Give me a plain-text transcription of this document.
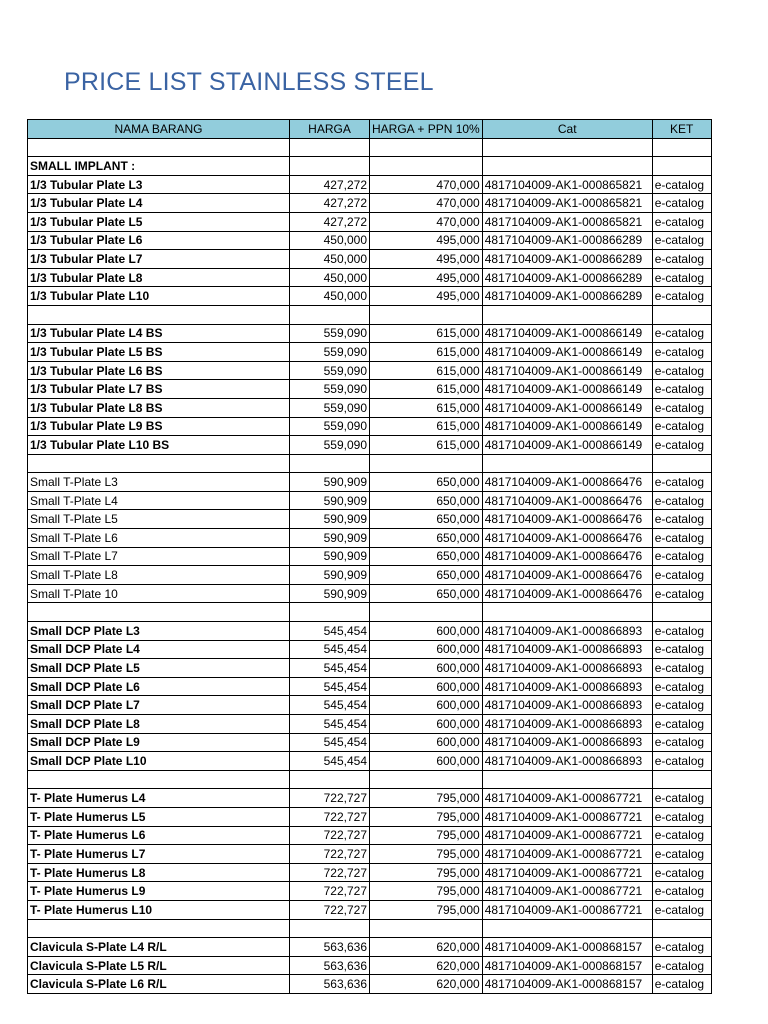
PRICE LIST STAINLESS STEEL
NAMA BARANG	HARGA	HARGA + PPN 10%	Cat	KET

SMALL IMPLANT :				
1/3 Tubular Plate L3	427,272	470,000	4817104009-AK1-000865821	e-catalog
1/3 Tubular Plate L4	427,272	470,000	4817104009-AK1-000865821	e-catalog
1/3 Tubular Plate L5	427,272	470,000	4817104009-AK1-000865821	e-catalog
1/3 Tubular Plate L6	450,000	495,000	4817104009-AK1-000866289	e-catalog
1/3 Tubular Plate L7	450,000	495,000	4817104009-AK1-000866289	e-catalog
1/3 Tubular Plate L8	450,000	495,000	4817104009-AK1-000866289	e-catalog
1/3 Tubular Plate L10	450,000	495,000	4817104009-AK1-000866289	e-catalog

1/3 Tubular Plate L4 BS	559,090	615,000	4817104009-AK1-000866149	e-catalog
1/3 Tubular Plate L5 BS	559,090	615,000	4817104009-AK1-000866149	e-catalog
1/3 Tubular Plate L6 BS	559,090	615,000	4817104009-AK1-000866149	e-catalog
1/3 Tubular Plate L7 BS	559,090	615,000	4817104009-AK1-000866149	e-catalog
1/3 Tubular Plate L8 BS	559,090	615,000	4817104009-AK1-000866149	e-catalog
1/3 Tubular Plate L9 BS	559,090	615,000	4817104009-AK1-000866149	e-catalog
1/3 Tubular Plate L10 BS	559,090	615,000	4817104009-AK1-000866149	e-catalog

Small T-Plate L3	590,909	650,000	4817104009-AK1-000866476	e-catalog
Small T-Plate L4	590,909	650,000	4817104009-AK1-000866476	e-catalog
Small T-Plate L5	590,909	650,000	4817104009-AK1-000866476	e-catalog
Small T-Plate L6	590,909	650,000	4817104009-AK1-000866476	e-catalog
Small T-Plate L7	590,909	650,000	4817104009-AK1-000866476	e-catalog
Small T-Plate L8	590,909	650,000	4817104009-AK1-000866476	e-catalog
Small T-Plate 10	590,909	650,000	4817104009-AK1-000866476	e-catalog

Small DCP Plate L3	545,454	600,000	4817104009-AK1-000866893	e-catalog
Small DCP Plate L4	545,454	600,000	4817104009-AK1-000866893	e-catalog
Small DCP Plate L5	545,454	600,000	4817104009-AK1-000866893	e-catalog
Small DCP Plate L6	545,454	600,000	4817104009-AK1-000866893	e-catalog
Small DCP Plate L7	545,454	600,000	4817104009-AK1-000866893	e-catalog
Small DCP Plate L8	545,454	600,000	4817104009-AK1-000866893	e-catalog
Small DCP Plate L9	545,454	600,000	4817104009-AK1-000866893	e-catalog
Small DCP Plate L10	545,454	600,000	4817104009-AK1-000866893	e-catalog

T- Plate Humerus L4	722,727	795,000	4817104009-AK1-000867721	e-catalog
T- Plate Humerus L5	722,727	795,000	4817104009-AK1-000867721	e-catalog
T- Plate Humerus L6	722,727	795,000	4817104009-AK1-000867721	e-catalog
T- Plate Humerus L7	722,727	795,000	4817104009-AK1-000867721	e-catalog
T- Plate Humerus L8	722,727	795,000	4817104009-AK1-000867721	e-catalog
T- Plate Humerus L9	722,727	795,000	4817104009-AK1-000867721	e-catalog
T- Plate Humerus L10	722,727	795,000	4817104009-AK1-000867721	e-catalog

Clavicula S-Plate L4 R/L	563,636	620,000	4817104009-AK1-000868157	e-catalog
Clavicula S-Plate L5 R/L	563,636	620,000	4817104009-AK1-000868157	e-catalog
Clavicula S-Plate L6 R/L	563,636	620,000	4817104009-AK1-000868157	e-catalog
